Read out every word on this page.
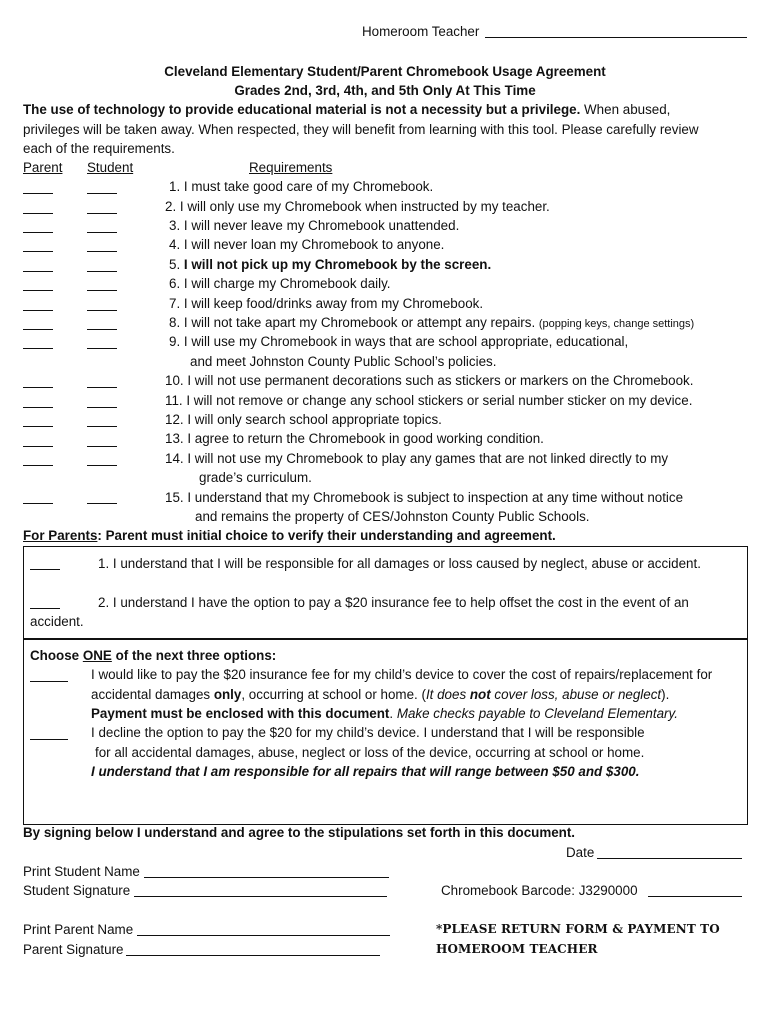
Homeroom Teacher
Cleveland Elementary Student/Parent Chromebook Usage Agreement
Grades 2nd, 3rd, 4th, and 5th Only At This Time
The use of technology to provide educational material is not a necessity but a privilege. When abused,
privileges will be taken away. When respected, they will benefit from learning with this tool. Please carefully review
each of the requirements.
Parent Student	Requirements
1. I must take good care of my Chromebook.
2. I will only use my Chromebook when instructed by my teacher.
3. I will never leave my Chromebook unattended.
4. I will never loan my Chromebook to anyone.
5. I will not pick up my Chromebook by the screen.
6. I will charge my Chromebook daily.
7. I will keep food/drinks away from my Chromebook.
8. I will not take apart my Chromebook or attempt any repairs. (popping keys, change settings)
9. I will use my Chromebook in ways that are school appropriate, educational,
and meet Johnston County Public School’s policies.
10. I will not use permanent decorations such as stickers or markers on the Chromebook.
11. I will not remove or change any school stickers or serial number sticker on my device.
12. I will only search school appropriate topics.
13. I agree to return the Chromebook in good working condition.
14. I will not use my Chromebook to play any games that are not linked directly to my
grade’s curriculum.
15. I understand that my Chromebook is subject to inspection at any time without notice
and remains the property of CES/Johnston County Public Schools.
For Parents: Parent must initial choice to verify their understanding and agreement.
1. I understand that I will be responsible for all damages or loss caused by neglect, abuse or accident.
2. I understand I have the option to pay a $20 insurance fee to help offset the cost in the event of an
accident.
Choose ONE of the next three options:
I would like to pay the $20 insurance fee for my child’s device to cover the cost of repairs/replacement for
accidental damages only, occurring at school or home. (It does not cover loss, abuse or neglect).
Payment must be enclosed with this document. Make checks payable to Cleveland Elementary.
I decline the option to pay the $20 for my child’s device. I understand that I will be responsible
for all accidental damages, abuse, neglect or loss of the device, occurring at school or home.
I understand that I am responsible for all repairs that will range between $50 and $300.
By signing below I understand and agree to the stipulations set forth in this document.
Date
Print Student Name
Student Signature	Chromebook Barcode: J3290000
Print Parent Name
Parent Signature
*PLEASE RETURN FORM & PAYMENT TO
HOMEROOM TEACHER
